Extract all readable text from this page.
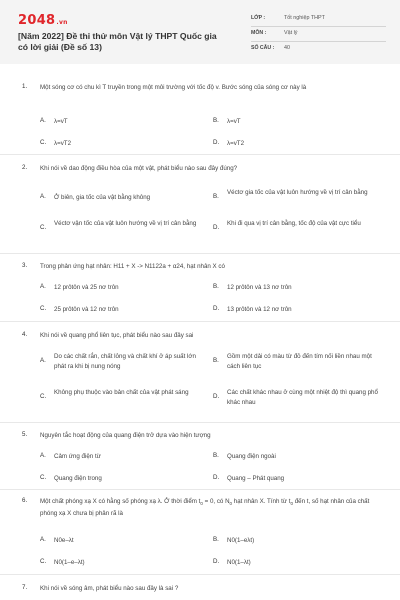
2048.vn
[Năm 2022] Đề thi thử môn Vật lý THPT Quốc gia có lời giải (Đề số 13)
LỚP :	Tốt nghiệp THPT
MÔN :	Vật lý
SỐ CÂU : 40
1. Một sóng cơ có chu kì T truyền trong một môi trường với tốc độ v. Bước sóng của sóng cơ này là
A. λ=vT	B. λ=vT
C. λ=vT2	D. λ=vT2
2. Khi nói về dao động điều hòa của một vật, phát biểu nào sau đây đúng?
A. Ở biên, gia tốc của vật bằng không	B.
Véctơ gia tốc của vật luôn hướng về vị trí cân bằng
C.
Véctơ vận tốc của vật luôn hướng về vị trí cân bằng
D.
Khi đi qua vị trí cân bằng, tốc độ của vật cực tiểu
3. Trong phản ứng hạt nhân: H11 + X -> N1122a + α24, hạt nhân X có
A. 12 prôtôn và 25 nơ trôn	B. 12 prôtôn và 13 nơ trôn
C. 25 prôtôn và 12 nơ trôn	D. 13 prôtôn và 12 nơ trôn
4. Khi nói về quang phổ liên tục, phát biểu nào sau đây sai
A.
Do các chất rắn, chất lỏng và chất khí ở áp suất lớn phát ra khi bị nung nóng
B.
Gồm một dải có màu từ đỏ đến tím nối liền nhau một cách liên tục
C.
Không phụ thuộc vào bản chất của vật phát sáng
D.
Các chất khác nhau ở cùng một nhiệt độ thì quang phổ khác nhau
5. Nguyên tắc hoạt động của quang điện trở dựa vào hiện tượng
A. Cảm ứng điện từ	B. Quang điện ngoài
C. Quang điện trong	D. Quang – Phát quang
6. Một chất phóng xạ X có hằng số phóng xạ λ. Ở thời điểm $t_0 = 0$, có $N_0$ hạt nhân X. Tính từ $t_0$ đến t, số hạt nhân của chất phóng xạ X chưa bị phân rã là
A. N0e–λt	B. N0(1–eλt)
C. N0(1–e–λt)	D. N0(1–λt)
7. Khi nói về sóng âm, phát biểu nào sau đây là sai ?
